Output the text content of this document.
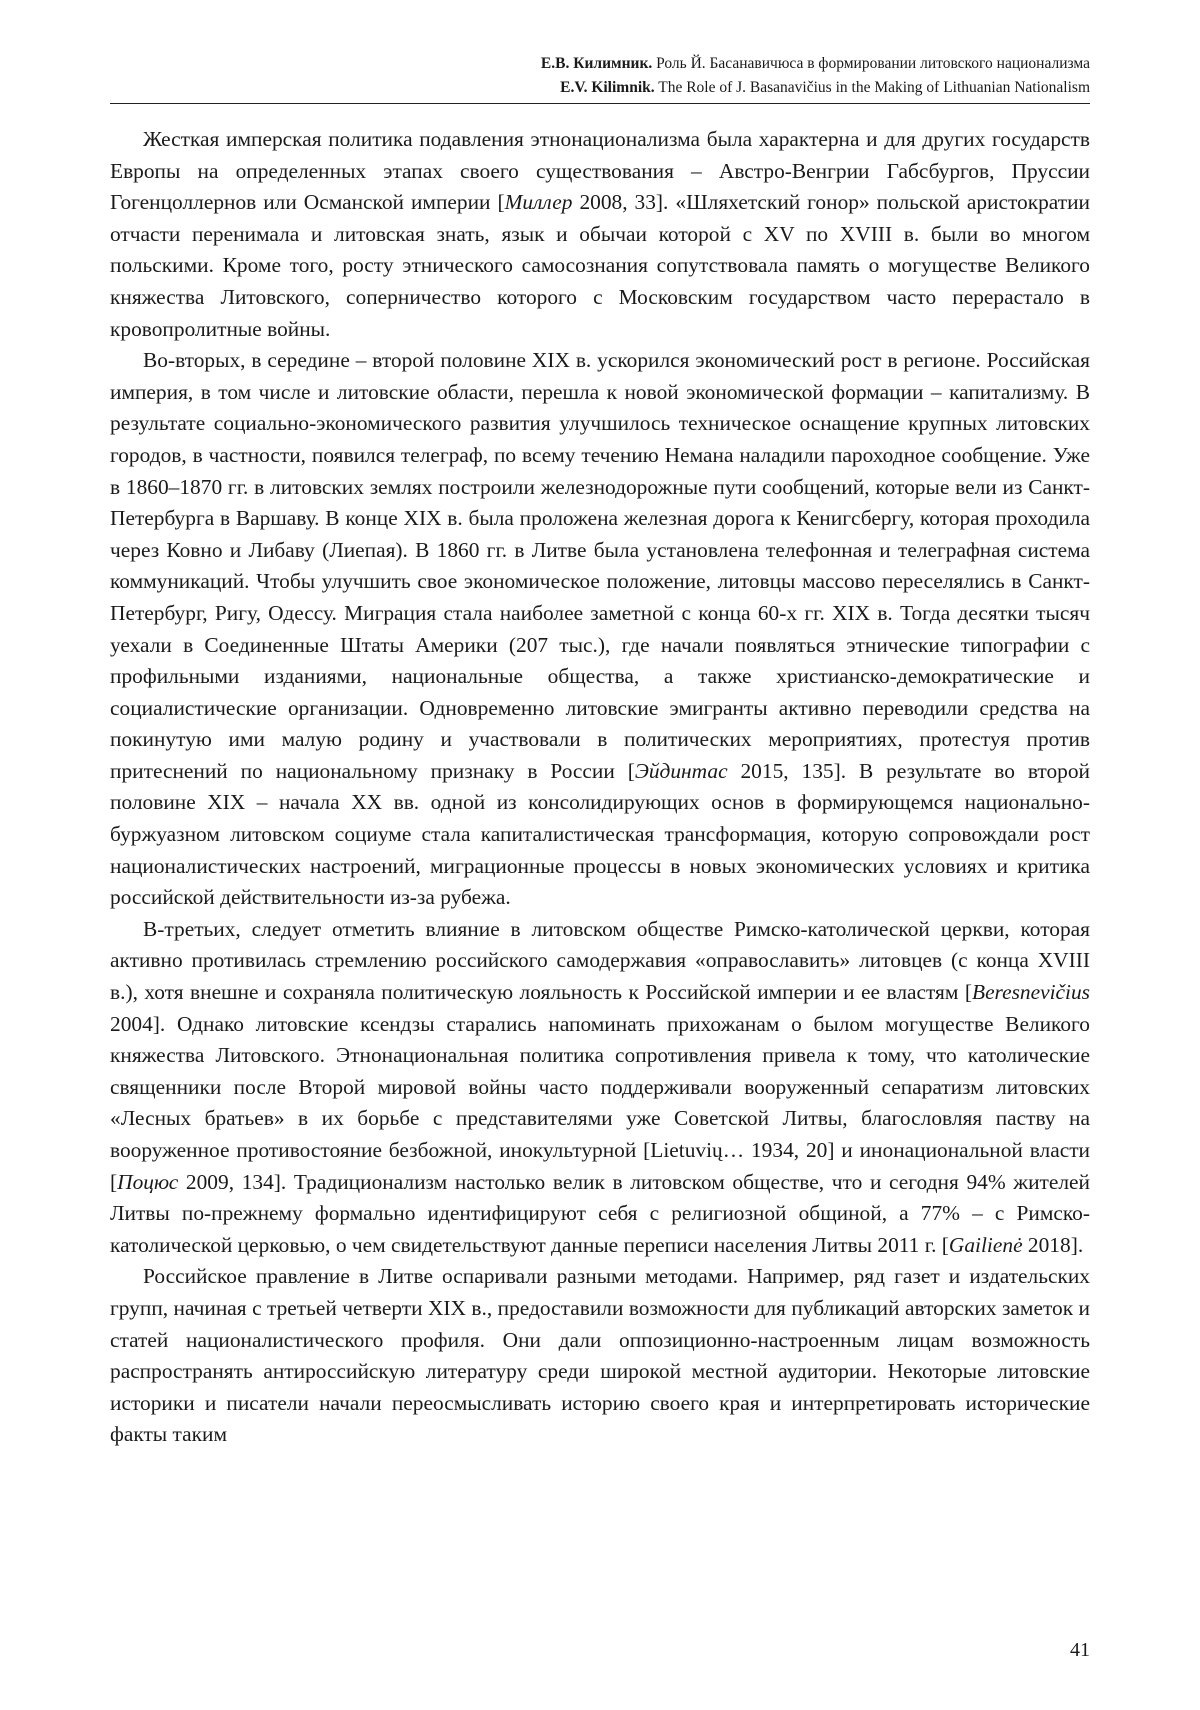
Е.В. Килимник. Роль Й. Басанавичюса в формировании литовского национализма
E.V. Kilimnik. The Role of J. Basanavičius in the Making of Lithuanian Nationalism

Жесткая имперская политика подавления этнонационализма была характерна и для других государств Европы на определенных этапах своего существования – Австро-Венгрии Габсбургов, Пруссии Гогенцоллернов или Османской империи [Миллер 2008, 33]. «Шляхетский гонор» польской аристократии отчасти перенимала и литовская знать, язык и обычаи которой с XV по XVIII в. были во многом польскими. Кроме того, росту этнического самосознания сопутствовала память о могуществе Великого княжества Литовского, соперничество которого с Московским государством часто перерастало в кровопролитные войны.

Во-вторых, в середине – второй половине XIX в. ускорился экономический рост в регионе. Российская империя, в том числе и литовские области, перешла к новой экономической формации – капитализму. В результате социально-экономического развития улучшилось техническое оснащение крупных литовских городов, в частности, появился телеграф, по всему течению Немана наладили пароходное сообщение. Уже в 1860–1870 гг. в литовских землях построили железнодорожные пути сообщений, которые вели из Санкт-Петербурга в Варшаву. В конце XIX в. была проложена железная дорога к Кенигсбергу, которая проходила через Ковно и Либаву (Лиепая). В 1860 гг. в Литве была установлена телефонная и телеграфная система коммуникаций. Чтобы улучшить свое экономическое положение, литовцы массово переселялись в Санкт-Петербург, Ригу, Одессу. Миграция стала наиболее заметной с конца 60-х гг. XIX в. Тогда десятки тысяч уехали в Соединенные Штаты Америки (207 тыс.), где начали появляться этнические типографии с профильными изданиями, национальные общества, а также христианско-демократические и социалистические организации. Одновременно литовские эмигранты активно переводили средства на покинутую ими малую родину и участвовали в политических мероприятиях, протестуя против притеснений по национальному признаку в России [Эйдинтас 2015, 135]. В результате во второй половине XIX – начала XX вв. одной из консолидирующих основ в формирующемся национально-буржуазном литовском социуме стала капиталистическая трансформация, которую сопровождали рост националистических настроений, миграционные процессы в новых экономических условиях и критика российской действительности из-за рубежа.

В-третьих, следует отметить влияние в литовском обществе Римско-католической церкви, которая активно противилась стремлению российского самодержавия «оправославить» литовцев (с конца XVIII в.), хотя внешне и сохраняла политическую лояльность к Российской империи и ее властям [Beresnevičius 2004]. Однако литовские ксендзы старались напоминать прихожанам о былом могуществе Великого княжества Литовского. Этнонациональная политика сопротивления привела к тому, что католические священники после Второй мировой войны часто поддерживали вооруженный сепаратизм литовских «Лесных братьев» в их борьбе с представителями уже Советской Литвы, благословляя паству на вооруженное противостояние безбожной, инокультурной [Lietuvių… 1934, 20] и инонациональной власти [Поцюс 2009, 134]. Традиционализм настолько велик в литовском обществе, что и сегодня 94% жителей Литвы по-прежнему формально идентифицируют себя с религиозной общиной, а 77% – с Римско-католической церковью, о чем свидетельствуют данные переписи населения Литвы 2011 г. [Gailienė 2018].

Российское правление в Литве оспаривали разными методами. Например, ряд газет и издательских групп, начиная с третьей четверти XIX в., предоставили возможности для публикаций авторских заметок и статей националистического профиля. Они дали оппозиционно-настроенным лицам возможность распространять антироссийскую литературу среди широкой местной аудитории. Некоторые литовские историки и писатели начали переосмысливать историю своего края и интерпретировать исторические факты таким

41
